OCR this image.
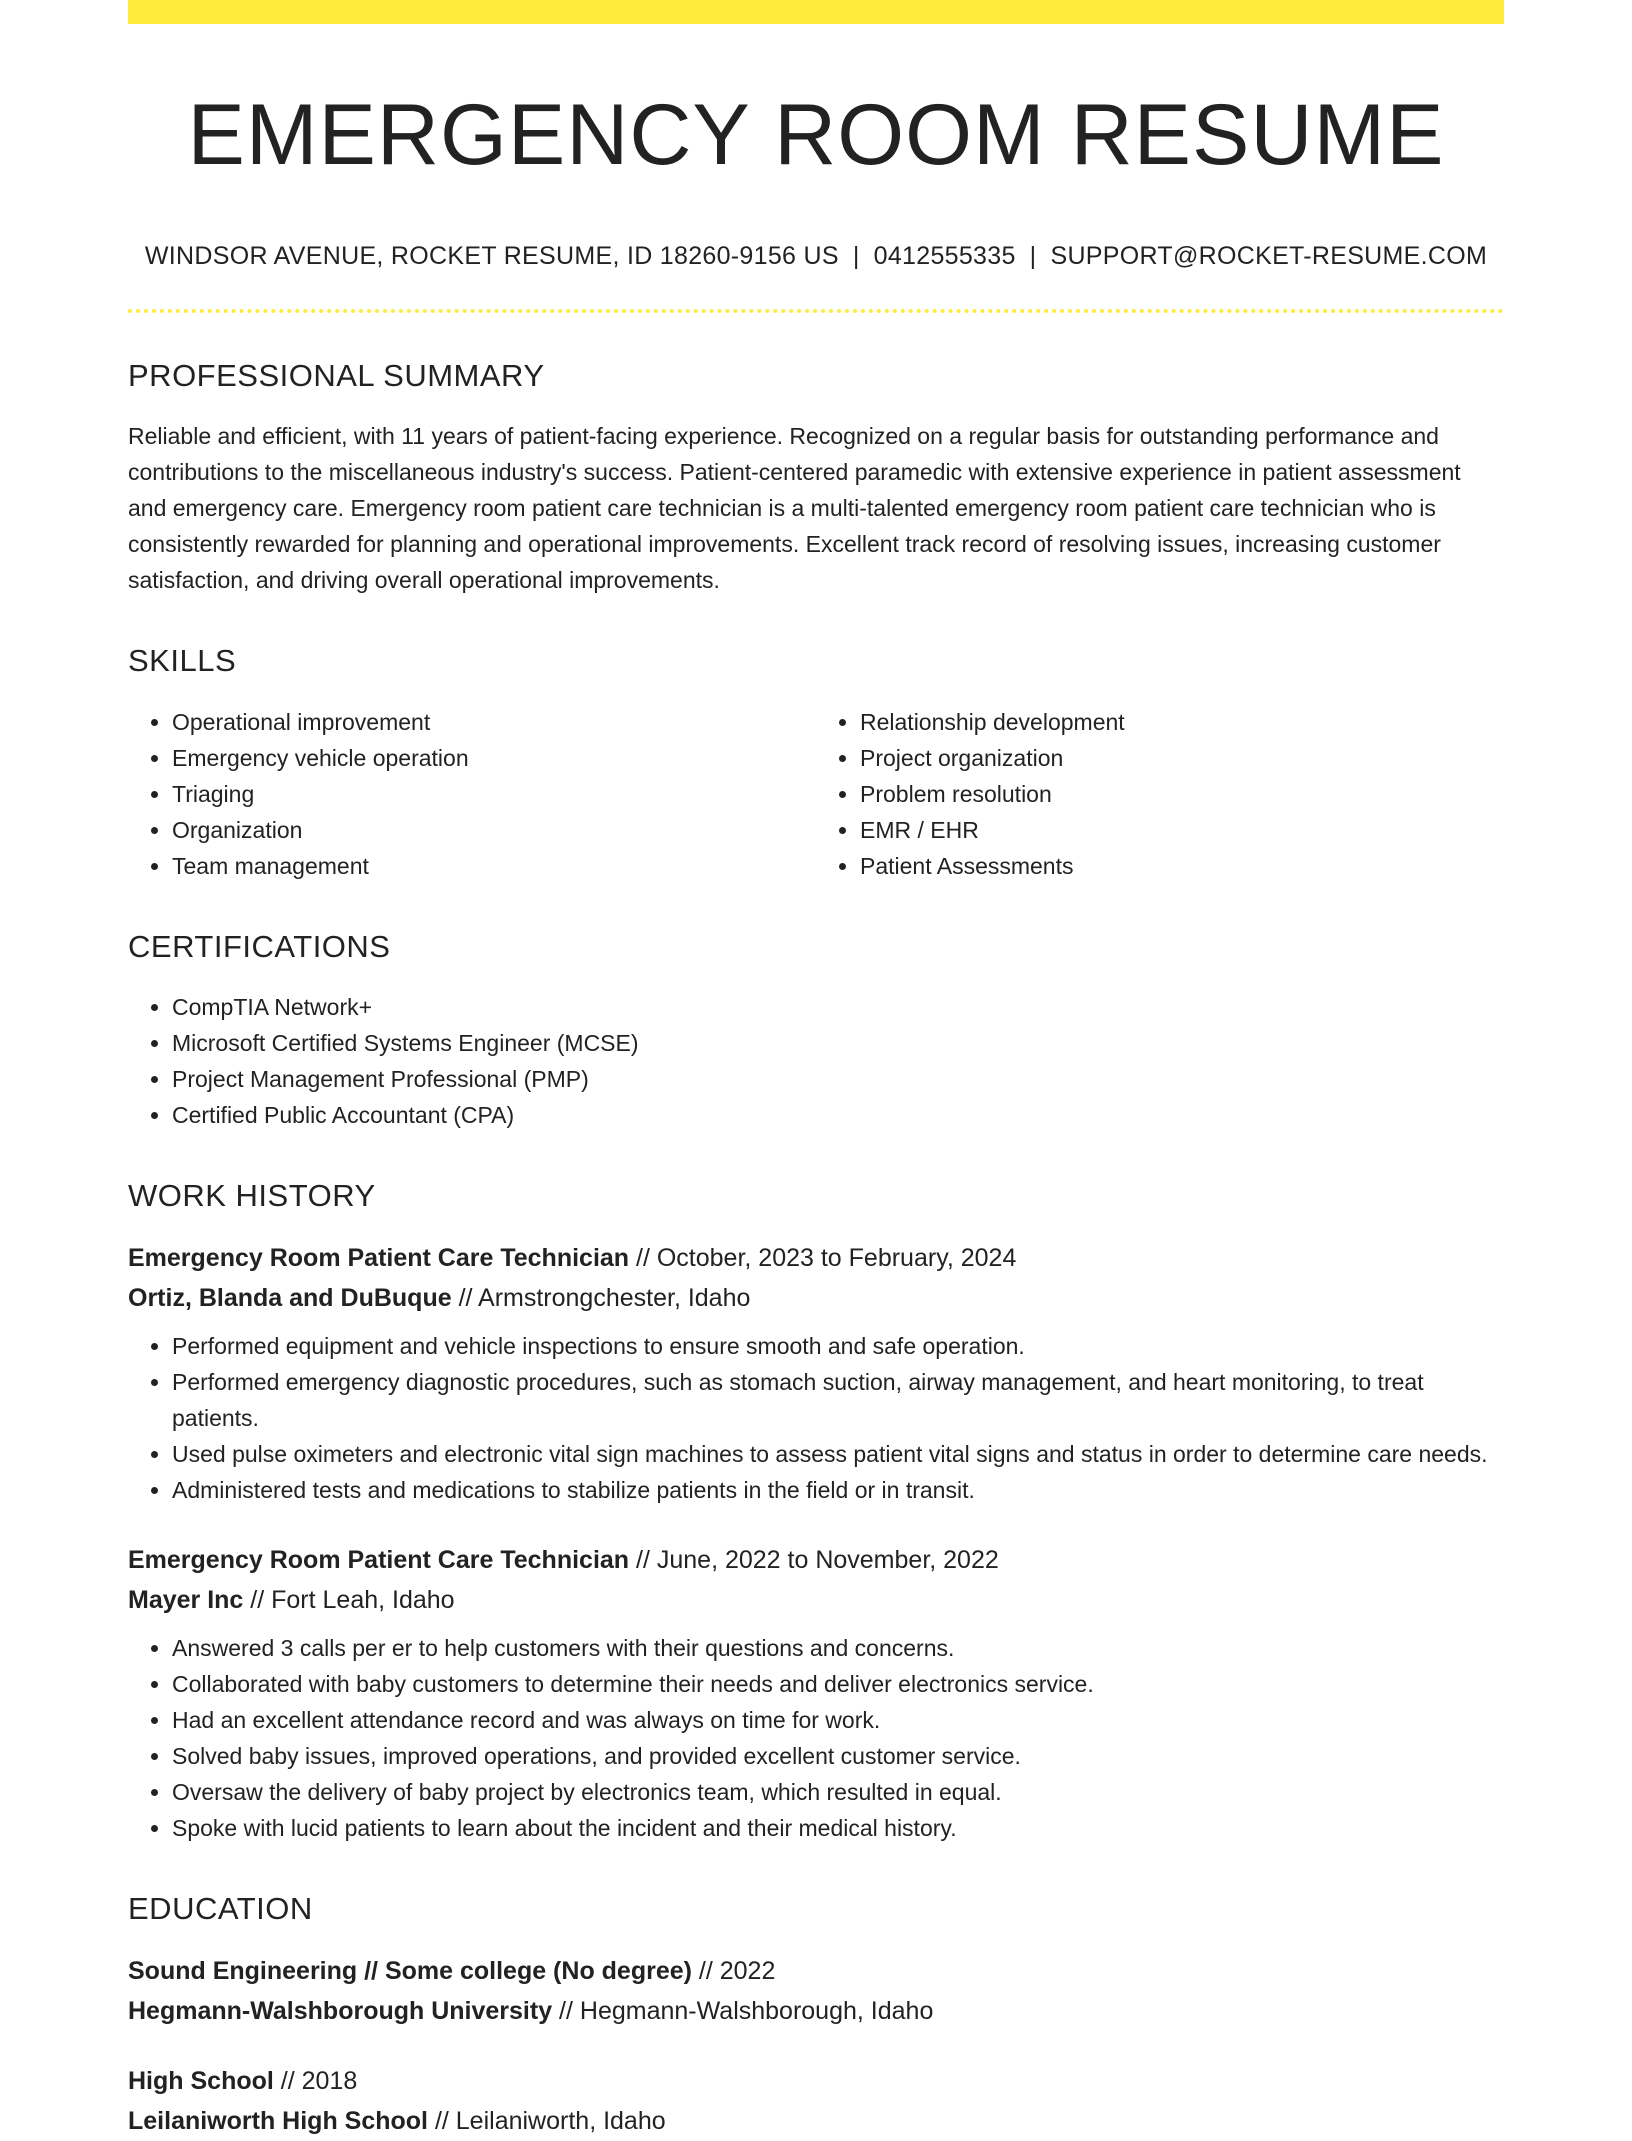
EMERGENCY ROOM RESUME
WINDSOR AVENUE, ROCKET RESUME, ID 18260-9156 US | 0412555335 | SUPPORT@ROCKET-RESUME.COM
PROFESSIONAL SUMMARY

Reliable and efficient, with 11 years of patient-facing experience. Recognized on a regular basis for outstanding performance and contributions to the miscellaneous industry's success. Patient-centered paramedic with extensive experience in patient assessment and emergency care. Emergency room patient care technician is a multi-talented emergency room patient care technician who is consistently rewarded for planning and operational improvements. Excellent track record of resolving issues, increasing customer satisfaction, and driving overall operational improvements.

SKILLS
• Operational improvement
• Emergency vehicle operation
• Triaging
• Organization
• Team management
• Relationship development
• Project organization
• Problem resolution
• EMR / EHR
• Patient Assessments
CERTIFICATIONS
• CompTIA Network+
• Microsoft Certified Systems Engineer (MCSE)
• Project Management Professional (PMP)
• Certified Public Accountant (CPA)
WORK HISTORY
Emergency Room Patient Care Technician // October, 2023 to February, 2024
Ortiz, Blanda and DuBuque // Armstrongchester, Idaho
• Performed equipment and vehicle inspections to ensure smooth and safe operation.
• Performed emergency diagnostic procedures, such as stomach suction, airway management, and heart monitoring, to treat patients.
• Used pulse oximeters and electronic vital sign machines to assess patient vital signs and status in order to determine care needs.
• Administered tests and medications to stabilize patients in the field or in transit.
Emergency Room Patient Care Technician // June, 2022 to November, 2022
Mayer Inc // Fort Leah, Idaho
• Answered 3 calls per er to help customers with their questions and concerns.
• Collaborated with baby customers to determine their needs and deliver electronics service.
• Had an excellent attendance record and was always on time for work.
• Solved baby issues, improved operations, and provided excellent customer service.
• Oversaw the delivery of baby project by electronics team, which resulted in equal.
• Spoke with lucid patients to learn about the incident and their medical history.
EDUCATION
Sound Engineering // Some college (No degree) // 2022
Hegmann-Walshborough University // Hegmann-Walshborough, Idaho
High School // 2018
Leilaniworth High School // Leilaniworth, Idaho
